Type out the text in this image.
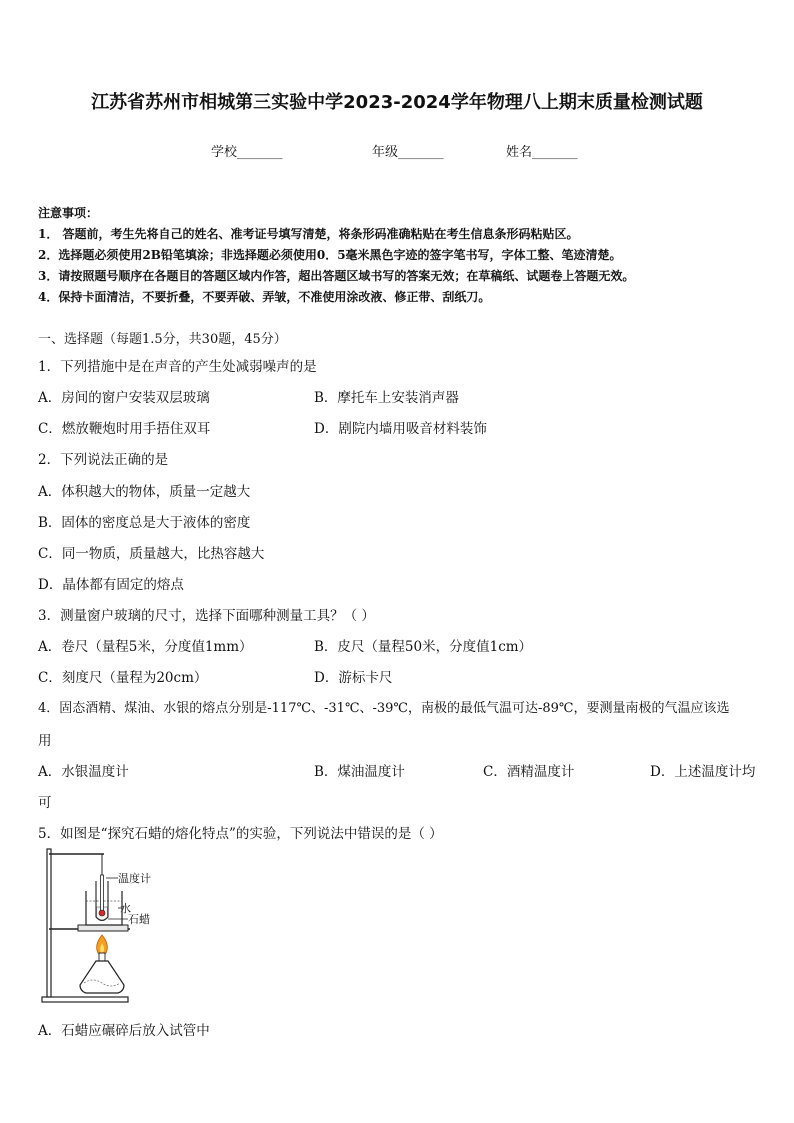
江苏省苏州市相城第三实验中学2023-2024学年物理八上期末质量检测试题
学校_______	年级_______	姓名_______
注意事项：
1． 答题前，考生先将自己的姓名、准考证号填写清楚，将条形码准确粘贴在考生信息条形码粘贴区。
2．选择题必须使用2B铅笔填涂；非选择题必须使用0．5毫米黑色字迹的签字笔书写，字体工整、笔迹清楚。
3．请按照题号顺序在各题目的答题区域内作答，超出答题区域书写的答案无效；在草稿纸、试题卷上答题无效。
4．保持卡面清洁，不要折叠，不要弄破、弄皱，不准使用涂改液、修正带、刮纸刀。
一、选择题（每题1.5分，共30题，45分）
1．下列措施中是在声音的产生处减弱噪声的是
A．房间的窗户安装双层玻璃	B．摩托车上安装消声器
C．燃放鞭炮时用手捂住双耳	D．剧院内墙用吸音材料装饰
2．下列说法正确的是
A．体积越大的物体，质量一定越大
B．固体的密度总是大于液体的密度
C．同一物质，质量越大，比热容越大
D．晶体都有固定的熔点
3．测量窗户玻璃的尺寸，选择下面哪种测量工具？（ ）
A．卷尺（量程5米，分度值1mm）	B．皮尺（量程50米，分度值1cm）
C．刻度尺（量程为20cm）	D．游标卡尺
4．固态酒精、煤油、水银的熔点分别是-117℃、-31℃、-39℃，南极的最低气温可达-89℃，要测量南极的气温应该选
用
A．水银温度计	B．煤油温度计	C．酒精温度计	D．上述温度计均
可
5．如图是“探究石蜡的熔化特点”的实验，下列说法中错误的是（ ）
温度计
水
石蜡
A．石蜡应碾碎后放入试管中
